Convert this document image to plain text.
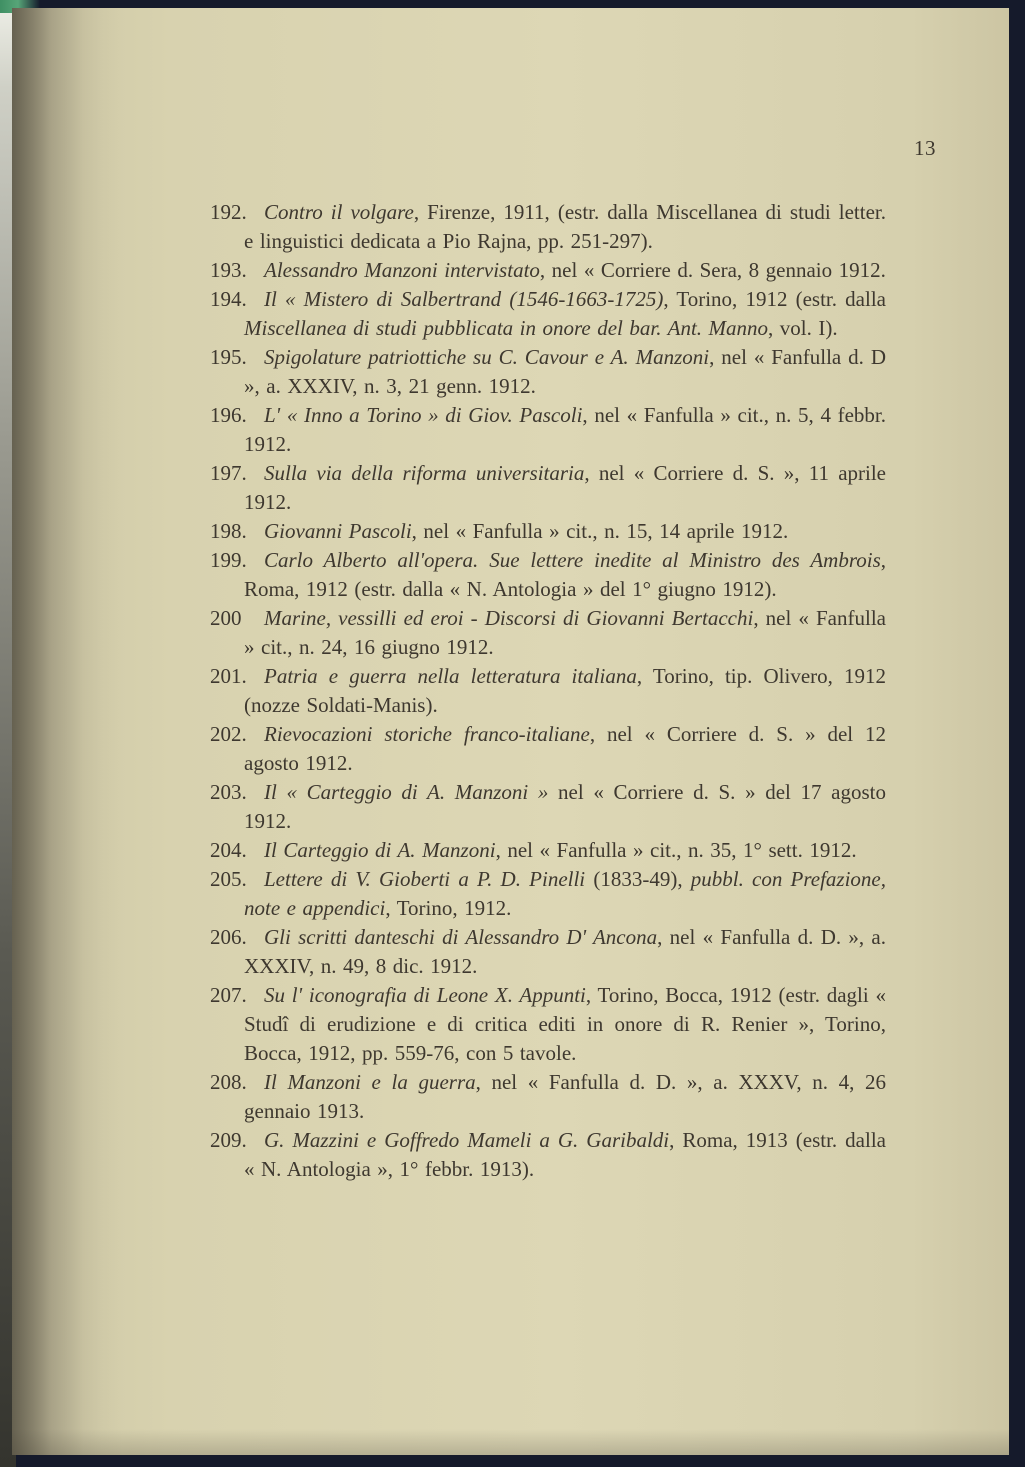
13
192. Contro il volgare, Firenze, 1911, (estr. dalla Miscellanea di studi letter. e linguistici dedicata a Pio Rajna, pp. 251-297).
193. Alessandro Manzoni intervistato, nel « Corriere d. Sera, 8 gennaio 1912.
194. Il « Mistero di Salbertrand (1546-1663-1725), Torino, 1912 (estr. dalla Miscellanea di studi pubblicata in onore del bar. Ant. Manno, vol. I).
195. Spigolature patriottiche su C. Cavour e A. Manzoni, nel « Fanfulla d. D », a. XXXIV, n. 3, 21 genn. 1912.
196. L' « Inno a Torino » di Giov. Pascoli, nel « Fanfulla » cit., n. 5, 4 febbr. 1912.
197. Sulla via della riforma universitaria, nel « Corriere d. S. », 11 aprile 1912.
198. Giovanni Pascoli, nel « Fanfulla » cit., n. 15, 14 aprile 1912.
199. Carlo Alberto all'opera. Sue lettere inedite al Ministro des Ambrois, Roma, 1912 (estr. dalla « N. Antologia » del 1° giugno 1912).
200 Marine, vessilli ed eroi - Discorsi di Giovanni Bertacchi, nel « Fanfulla » cit., n. 24, 16 giugno 1912.
201. Patria e guerra nella letteratura italiana, Torino, tip. Olivero, 1912 (nozze Soldati-Manis).
202. Rievocazioni storiche franco-italiane, nel « Corriere d. S. » del 12 agosto 1912.
203. Il « Carteggio di A. Manzoni » nel « Corriere d. S. » del 17 agosto 1912.
204. Il Carteggio di A. Manzoni, nel « Fanfulla » cit., n. 35, 1° sett. 1912.
205. Lettere di V. Gioberti a P. D. Pinelli (1833-49), pubbl. con Prefazione, note e appendici, Torino, 1912.
206. Gli scritti danteschi di Alessandro D' Ancona, nel « Fanfulla d. D. », a. XXXIV, n. 49, 8 dic. 1912.
207. Su l' iconografia di Leone X. Appunti, Torino, Bocca, 1912 (estr. dagli « Studî di erudizione e di critica editi in onore di R. Renier », Torino, Bocca, 1912, pp. 559-76, con 5 tavole.
208. Il Manzoni e la guerra, nel « Fanfulla d. D. », a. XXXV, n. 4, 26 gennaio 1913.
209. G. Mazzini e Goffredo Mameli a G. Garibaldi, Roma, 1913 (estr. dalla « N. Antologia », 1° febbr. 1913).
